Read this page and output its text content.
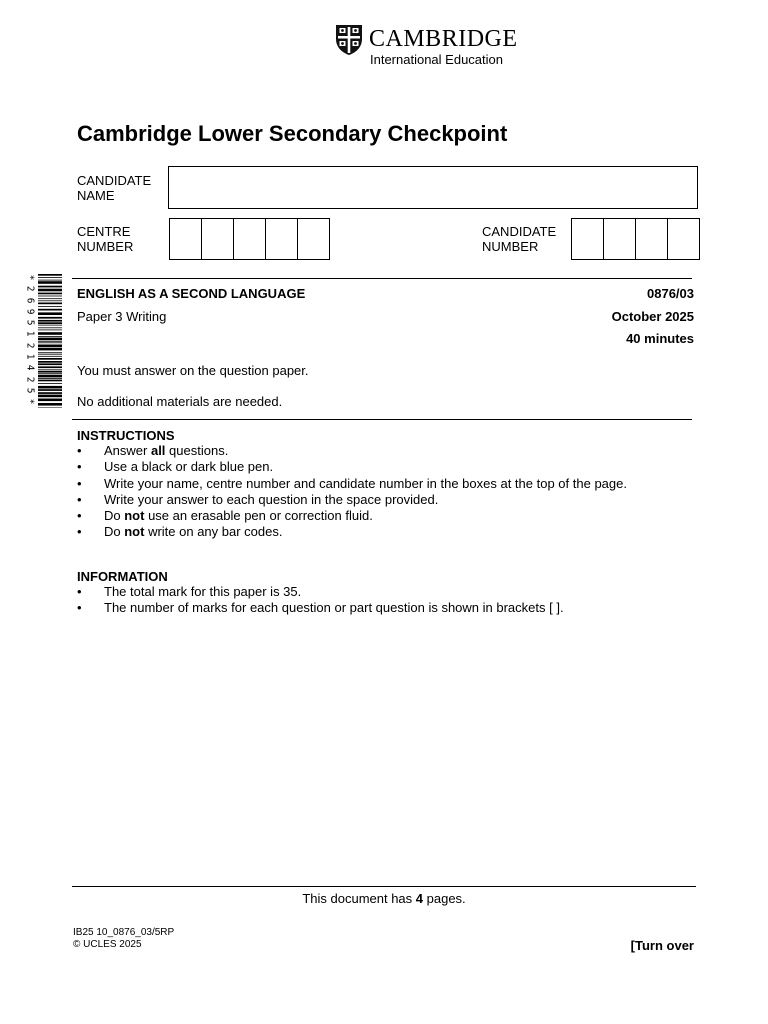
CAMBRIDGE
International Education
Cambridge Lower Secondary Checkpoint
CANDIDATE
NAME
CENTRE
NUMBER
CANDIDATE
NUMBER
*
2
6
9
5
1
2
1
4
2
5
*
ENGLISH AS A SECOND LANGUAGE	0876/03
Paper 3 Writing	October 2025
40 minutes
You must answer on the question paper.
No additional materials are needed.
INSTRUCTIONS
• Answer all questions.
• Use a black or dark blue pen.
• Write your name, centre number and candidate number in the boxes at the top of the page.
• Write your answer to each question in the space provided.
• Do not use an erasable pen or correction fluid.
• Do not write on any bar codes.
INFORMATION
• The total mark for this paper is 35.
• The number of marks for each question or part question is shown in brackets [ ].
This document has 4 pages.
IB25 10_0876_03/5RP
© UCLES 2025	[Turn over
